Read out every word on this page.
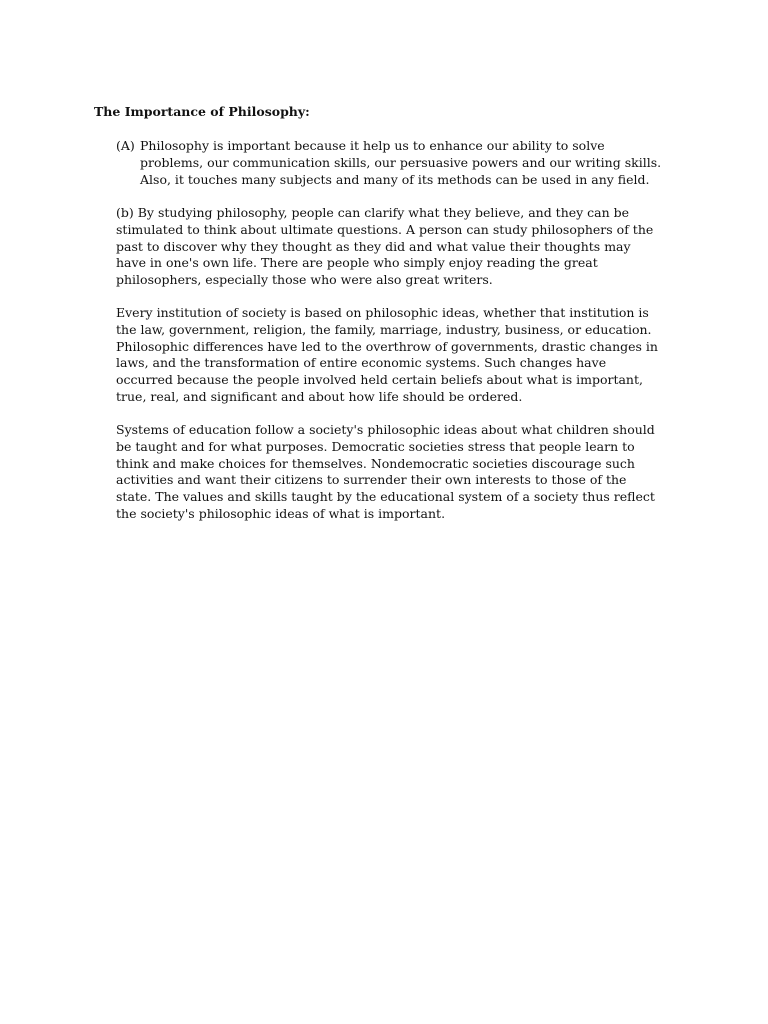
The Importance of Philosophy:
(A) Philosophy is important because it help us to enhance our ability to solve problems, our communication skills, our persuasive powers and our writing skills. Also, it touches many subjects and many of its methods can be used in any field.

(b) By studying philosophy, people can clarify what they believe, and they can be stimulated to think about ultimate questions. A person can study philosophers of the past to discover why they thought as they did and what value their thoughts may have in one's own life. There are people who simply enjoy reading the great philosophers, especially those who were also great writers.

Every institution of society is based on philosophic ideas, whether that institution is the law, government, religion, the family, marriage, industry, business, or education. Philosophic differences have led to the overthrow of governments, drastic changes in laws, and the transformation of entire economic systems. Such changes have occurred because the people involved held certain beliefs about what is important, true, real, and significant and about how life should be ordered.

Systems of education follow a society's philosophic ideas about what children should be taught and for what purposes. Democratic societies stress that people learn to think and make choices for themselves. Nondemocratic societies discourage such activities and want their citizens to surrender their own interests to those of the state. The values and skills taught by the educational system of a society thus reflect the society's philosophic ideas of what is important.
